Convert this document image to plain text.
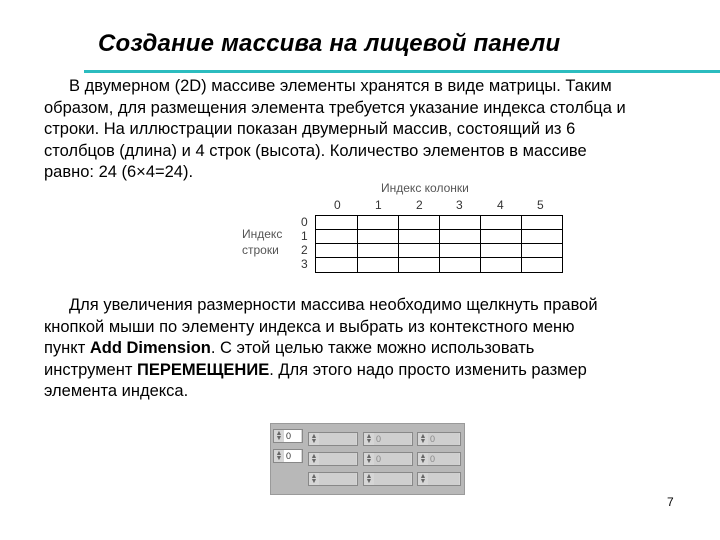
Создание массива на лицевой панели

В двумерном (2D) массиве элементы хранятся в виде матрицы. Таким
образом, для размещения элемента требуется указание индекса столбца и
строки. На иллюстрации показан двумерный массив, состоящий из 6
столбцов (длина) и 4 строк (высота). Количество элементов в массиве
равно: 24 (6×4=24).

Индекс колонки
0	1	2	3	4	5
Индекс
строки
0
1
2
3

Для увеличения размерности массива необходимо щелкнуть правой
кнопкой мыши по элементу индекса и выбрать из контекстного меню
пункт Add Dimension. С этой целью также можно использовать
инструмент ПЕРЕМЕЩЕНИЕ. Для этого надо просто изменить размер
элемента индекса.

▲
▼ 0
▲
▼ 0
▲
▼
▲
▼ 0	▲
▼ 0
▲
▼
▲
▼ 0	▲
▼ 0
▲
▼
▲
▼
▲
▼
7
